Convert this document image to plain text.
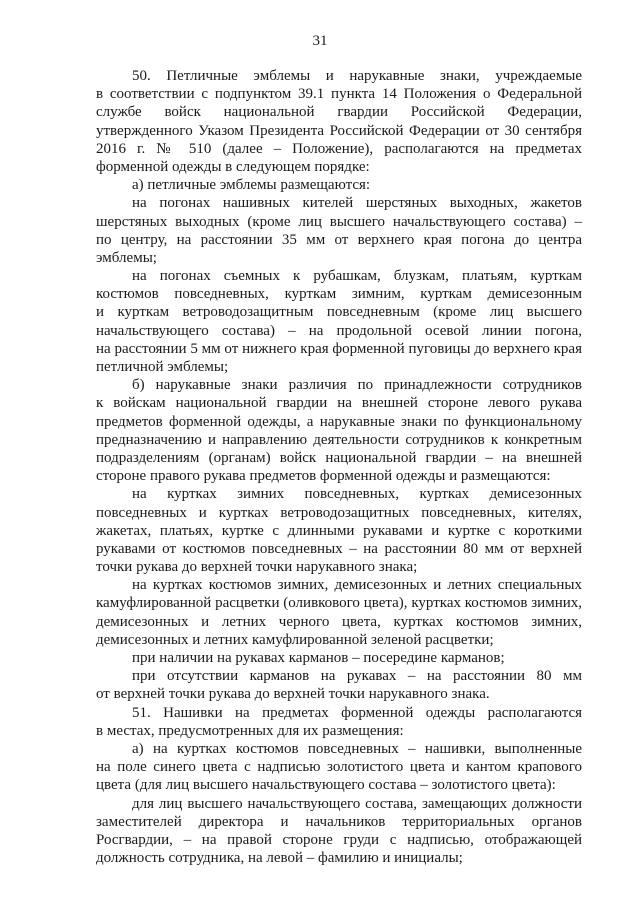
31
50. Петличные эмблемы и нарукавные знаки, учреждаемые
в соответствии с подпунктом 39.1 пункта 14 Положения о Федеральной
службе войск национальной гвардии Российской Федерации,
утвержденного Указом Президента Российской Федерации от 30 сентября
2016 г. № 510 (далее – Положение), располагаются на предметах
форменной одежды в следующем порядке:
а) петличные эмблемы размещаются:
на погонах нашивных кителей шерстяных выходных, жакетов
шерстяных выходных (кроме лиц высшего начальствующего состава) –
по центру, на расстоянии 35 мм от верхнего края погона до центра
эмблемы;
на погонах съемных к рубашкам, блузкам, платьям, курткам
костюмов повседневных, курткам зимним, курткам демисезонным
и курткам ветроводозащитным повседневным (кроме лиц высшего
начальствующего состава) – на продольной осевой линии погона,
на расстоянии 5 мм от нижнего края форменной пуговицы до верхнего края
петличной эмблемы;
б) нарукавные знаки различия по принадлежности сотрудников
к войскам национальной гвардии на внешней стороне левого рукава
предметов форменной одежды, а нарукавные знаки по функциональному
предназначению и направлению деятельности сотрудников к конкретным
подразделениям (органам) войск национальной гвардии – на внешней
стороне правого рукава предметов форменной одежды и размещаются:
на куртках зимних повседневных, куртках демисезонных
повседневных и куртках ветроводозащитных повседневных, кителях,
жакетах, платьях, куртке с длинными рукавами и куртке с короткими
рукавами от костюмов повседневных – на расстоянии 80 мм от верхней
точки рукава до верхней точки нарукавного знака;
на куртках костюмов зимних, демисезонных и летних специальных
камуфлированной расцветки (оливкового цвета), куртках костюмов зимних,
демисезонных и летних черного цвета, куртках костюмов зимних,
демисезонных и летних камуфлированной зеленой расцветки;
при наличии на рукавах карманов – посередине карманов;
при отсутствии карманов на рукавах – на расстоянии 80 мм
от верхней точки рукава до верхней точки нарукавного знака.
51. Нашивки на предметах форменной одежды располагаются
в местах, предусмотренных для их размещения:
а) на куртках костюмов повседневных – нашивки, выполненные
на поле синего цвета с надписью золотистого цвета и кантом крапового
цвета (для лиц высшего начальствующего состава – золотистого цвета):
для лиц высшего начальствующего состава, замещающих должности
заместителей директора и начальников территориальных органов
Росгвардии, – на правой стороне груди с надписью, отображающей
должность сотрудника, на левой – фамилию и инициалы;
